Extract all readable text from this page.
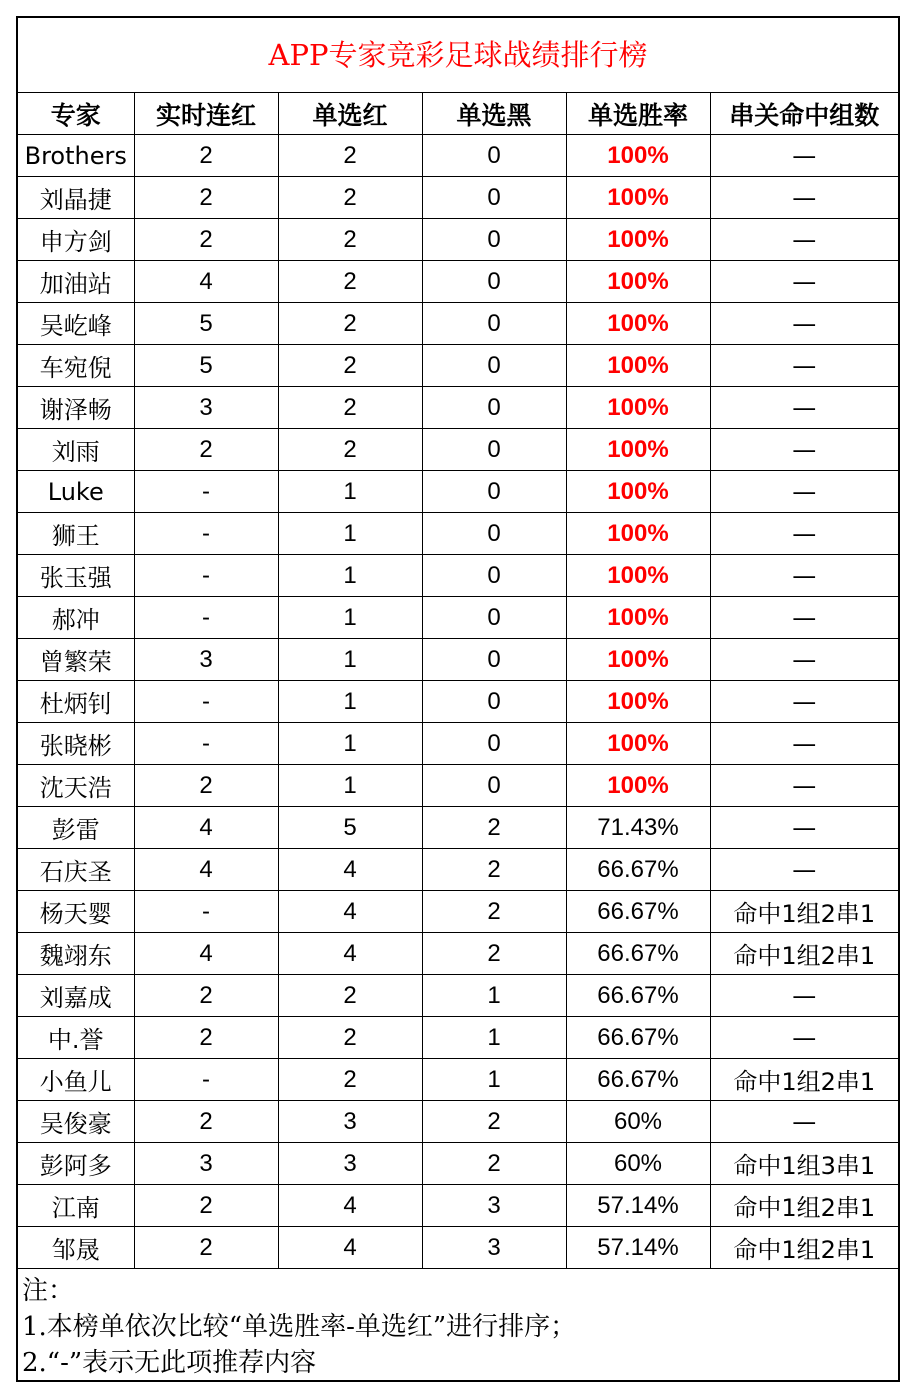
APP专家竞彩足球战绩排行榜
专家	实时连红	单选红	单选黑	单选胜率	串关命中组数
Brothers	2	2	0	100%	—
刘晶捷	2	2	0	100%	—
申方剑	2	2	0	100%	—
加油站	4	2	0	100%	—
吴屹峰	5	2	0	100%	—
车宛倪	5	2	0	100%	—
谢泽畅	3	2	0	100%	—
刘雨	2	2	0	100%	—
Luke	-	1	0	100%	—
狮王	-	1	0	100%	—
张玉强	-	1	0	100%	—
郝冲	-	1	0	100%	—
曾繁荣	3	1	0	100%	—
杜炳钊	-	1	0	100%	—
张晓彬	-	1	0	100%	—
沈天浩	2	1	0	100%	—
彭雷	4	5	2	71.43%	—
石庆圣	4	4	2	66.67%	—
杨天婴	-	4	2	66.67%	命中1组2串1
魏翊东	4	4	2	66.67%	命中1组2串1
刘嘉成	2	2	1	66.67%	—
中.誉	2	2	1	66.67%	—
小鱼儿	-	2	1	66.67%	命中1组2串1
吴俊豪	2	3	2	60%	—
彭阿多	3	3	2	60%	命中1组3串1
江南	2	4	3	57.14%	命中1组2串1
邹晟	2	4	3	57.14%	命中1组2串1
注：
1.本榜单依次比较“单选胜率-单选红”进行排序；
2.“-”表示无此项推荐内容
